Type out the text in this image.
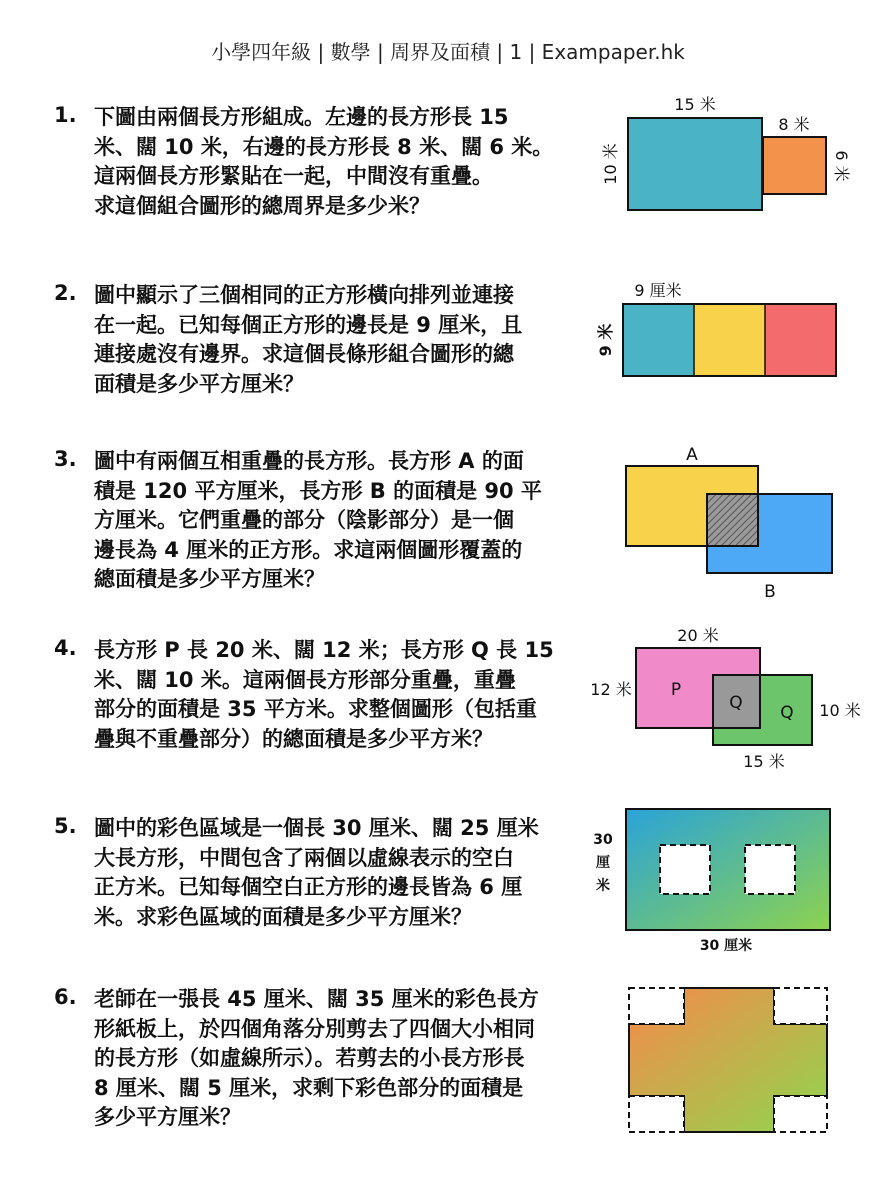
小學四年級 | 數學 | 周界及面積 | 1 | Exampaper.hk
1. 下圖由兩個長方形組成。左邊的長方形長 15
米、闊 10 米，右邊的長方形長 8 米、闊 6 米。
這兩個長方形緊貼在一起，中間沒有重疊。
求這個組合圖形的總周界是多少米？
15 米
8 米
10 米	6 米
2. 圖中顯示了三個相同的正方形橫向排列並連接
在一起。已知每個正方形的邊長是 9 厘米，且
連接處沒有邊界。求這個長條形組合圖形的總
面積是多少平方厘米？
9 厘米
9 米
3. 圖中有兩個互相重疊的長方形。長方形 A 的面
積是 120 平方厘米，長方形 B 的面積是 90 平
方厘米。它們重疊的部分（陰影部分）是一個
邊長為 4 厘米的正方形。求這兩個圖形覆蓋的
總面積是多少平方厘米？
A
B
4. 長方形 P 長 20 米、闊 12 米；長方形 Q 長 15
米、闊 10 米。這兩個長方形部分重疊，重疊
部分的面積是 35 平方米。求整個圖形（包括重
疊與不重疊部分）的總面積是多少平方米？
20 米
12 米
10 米
15 米
P
Q Q
5. 圖中的彩色區域是一個長 30 厘米、闊 25 厘米
大長方形，中間包含了兩個以虛線表示的空白
正方米。已知每個空白正方形的邊長皆為 6 厘
米。求彩色區域的面積是多少平方厘米？
30
厘
米
30 厘米
6. 老師在一張長 45 厘米、闊 35 厘米的彩色長方
形紙板上，於四個角落分別剪去了四個大小相同
的長方形（如虛線所示）。若剪去的小長方形長
8 厘米、闊 5 厘米，求剩下彩色部分的面積是
多少平方厘米？
